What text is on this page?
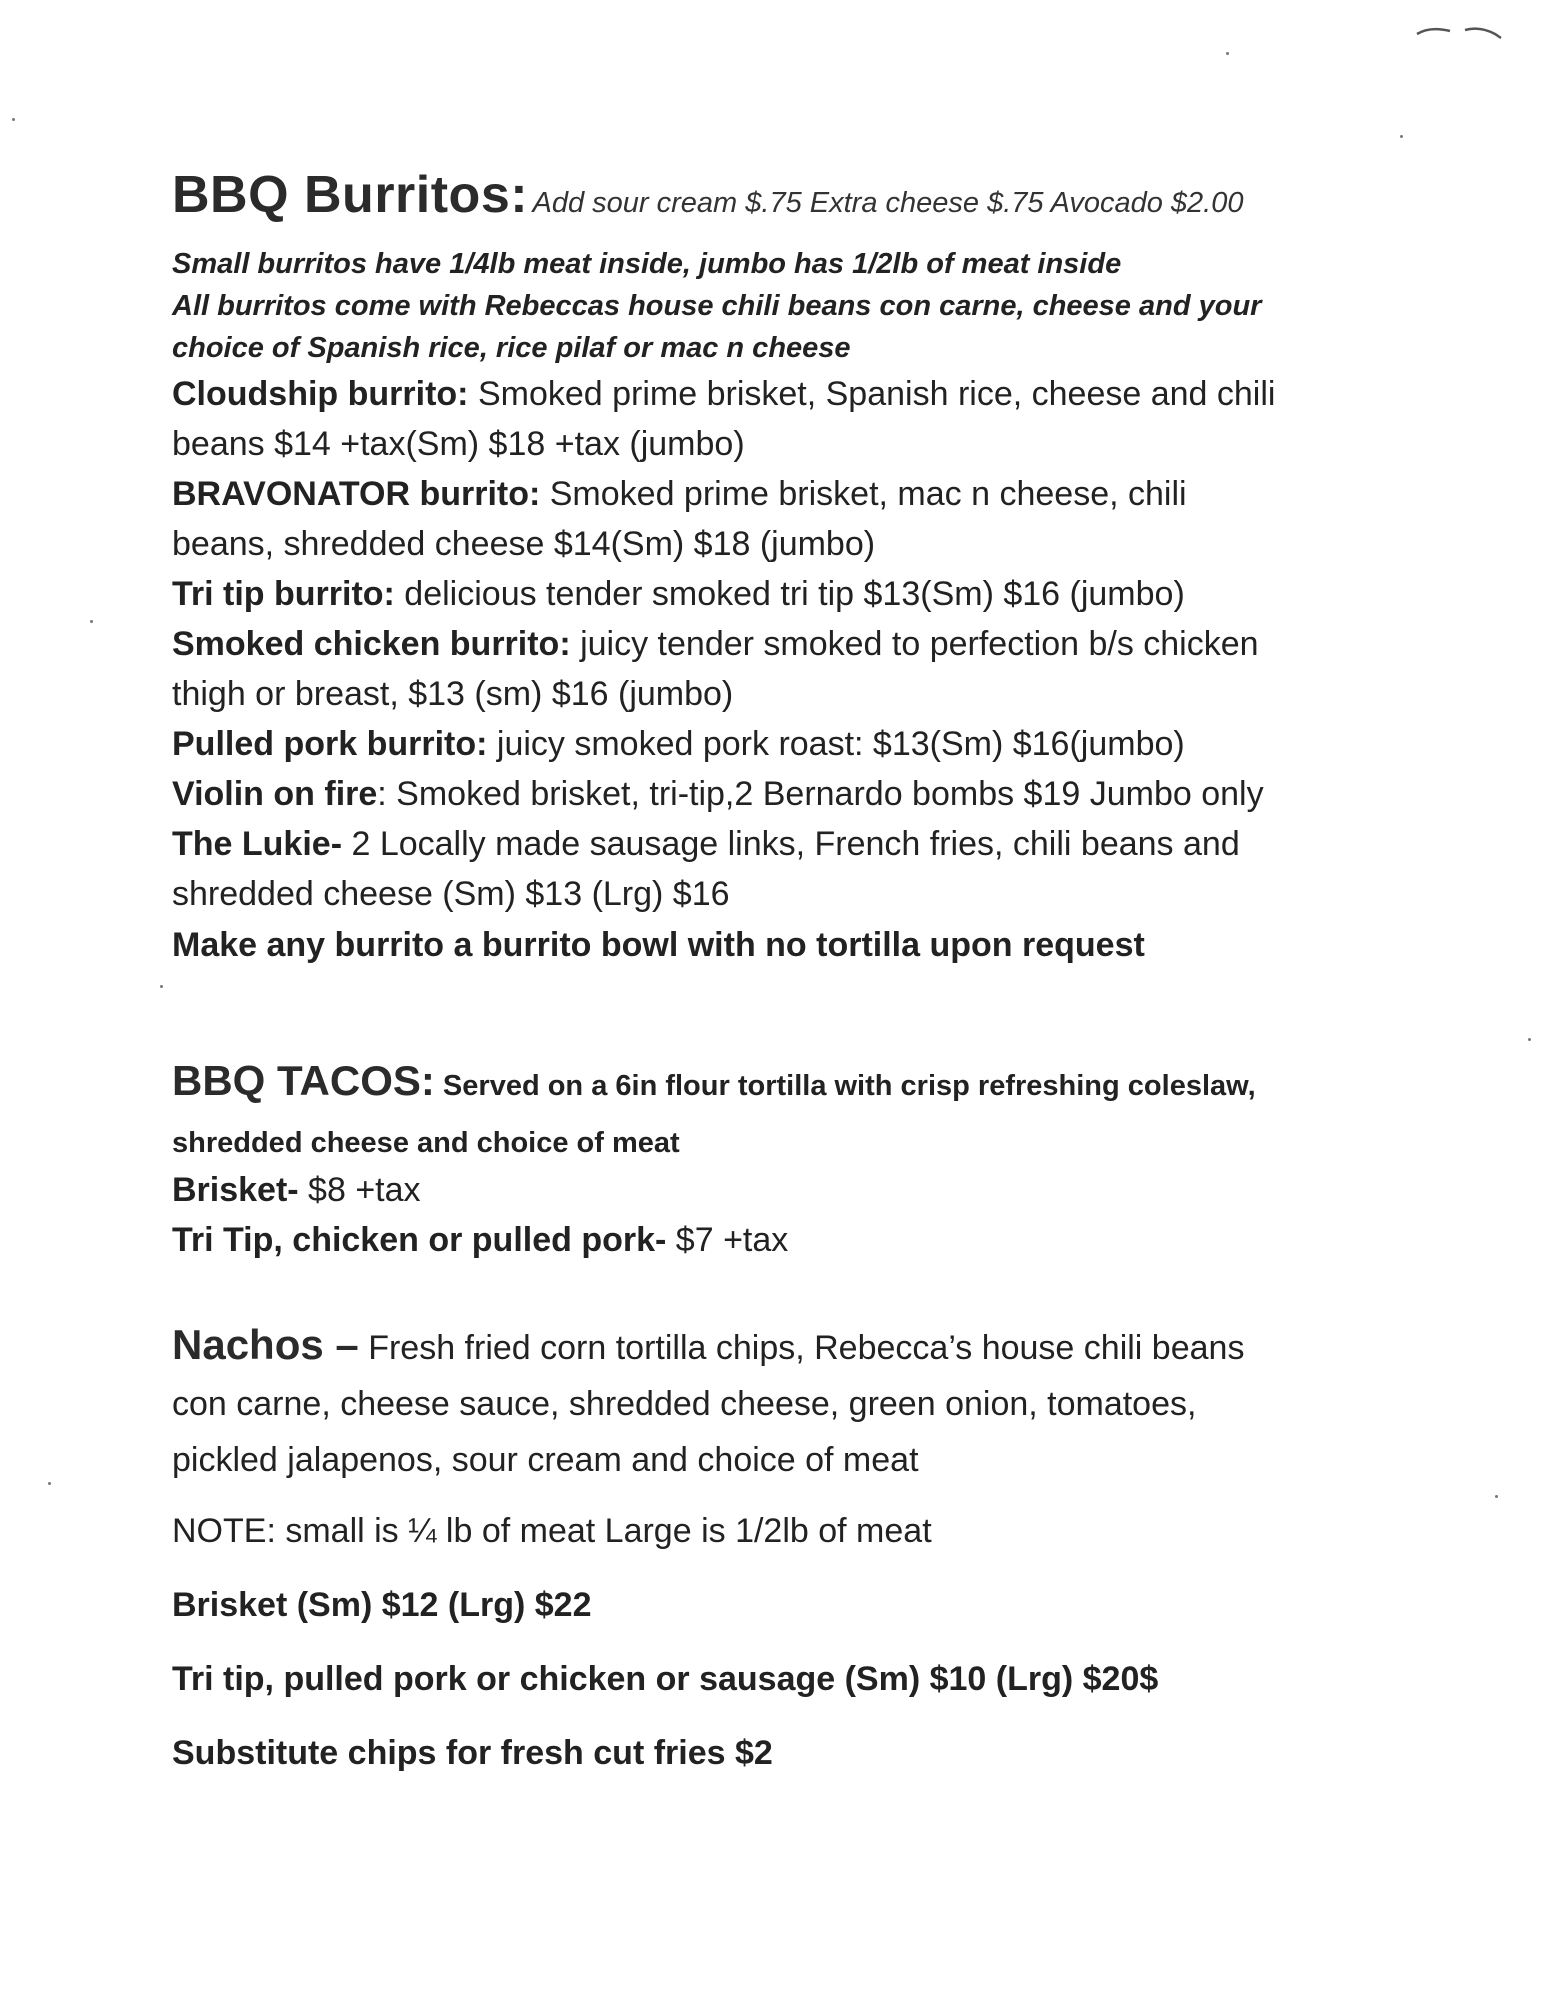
BBQ Burritos: Add sour cream $.75 Extra cheese $.75 Avocado $2.00
Small burritos have 1/4lb meat inside, jumbo has 1/2lb of meat inside
All burritos come with Rebeccas house chili beans con carne, cheese and your
choice of Spanish rice, rice pilaf or mac n cheese
Cloudship burrito: Smoked prime brisket, Spanish rice, cheese and chili
beans $14 +tax(Sm) $18 +tax (jumbo)
BRAVONATOR burrito: Smoked prime brisket, mac n cheese, chili
beans, shredded cheese $14(Sm) $18 (jumbo)
Tri tip burrito: delicious tender smoked tri tip $13(Sm) $16 (jumbo)
Smoked chicken burrito: juicy tender smoked to perfection b/s chicken
thigh or breast, $13 (sm) $16 (jumbo)
Pulled pork burrito: juicy smoked pork roast: $13(Sm) $16(jumbo)
Violin on fire: Smoked brisket, tri-tip,2 Bernardo bombs $19 Jumbo only
The Lukie- 2 Locally made sausage links, French fries, chili beans and
shredded cheese (Sm) $13 (Lrg) $16
Make any burrito a burrito bowl with no tortilla upon request
BBQ TACOS: Served on a 6in flour tortilla with crisp refreshing coleslaw,
shredded cheese and choice of meat
Brisket- $8 +tax
Tri Tip, chicken or pulled pork- $7 +tax
Nachos – Fresh fried corn tortilla chips, Rebecca’s house chili beans
con carne, cheese sauce, shredded cheese, green onion, tomatoes,
pickled jalapenos, sour cream and choice of meat
NOTE: small is ¼ lb of meat Large is 1/2lb of meat
Brisket (Sm) $12 (Lrg) $22
Tri tip, pulled pork or chicken or sausage (Sm) $10 (Lrg) $20$
Substitute chips for fresh cut fries $2
